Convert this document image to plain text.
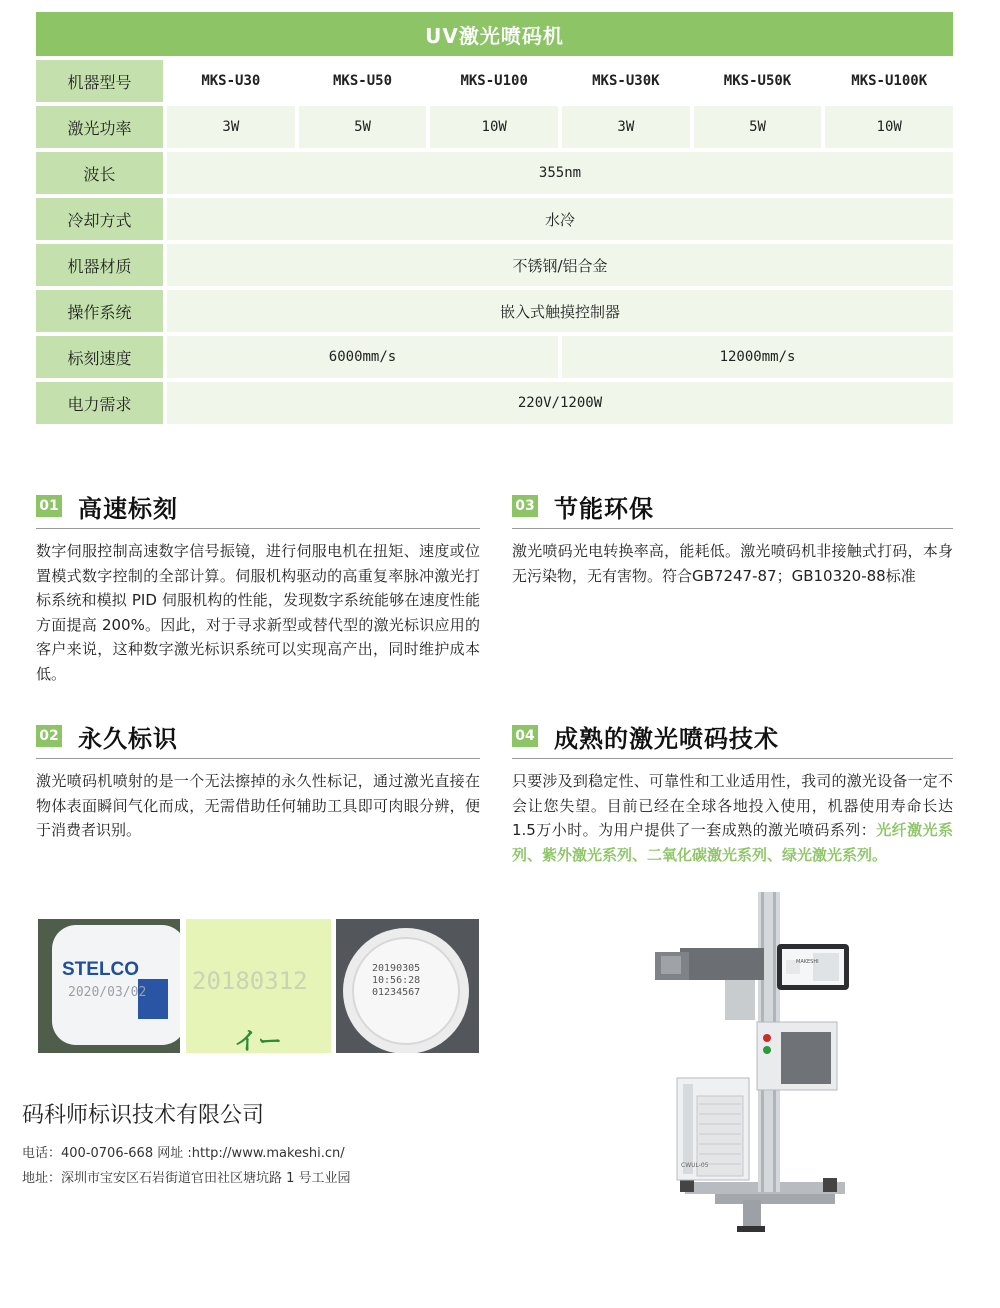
UV激光喷码机
机器型号	MKS-U30	MKS-U50	MKS-U100	MKS-U30K	MKS-U50K	MKS-U100K
激光功率	3W	5W	10W	3W	5W	10W
波长	355nm
冷却方式	水冷
机器材质	不锈钢/铝合金
操作系统	嵌入式触摸控制器
标刻速度	6000mm/s	12000mm/s
电力需求	220V/1200W
01 高速标刻
数字伺服控制高速数字信号振镜，进行伺服电机在扭矩、速度或位置模式数字控制的全部计算。伺服机构驱动的高重复率脉冲激光打标系统和模拟 PID 伺服机构的性能，发现数字系统能够在速度性能方面提高 200%。因此，对于寻求新型或替代型的激光标识应用的客户来说，这种数字激光标识系统可以实现高产出，同时维护成本低。
03 节能环保
激光喷码光电转换率高，能耗低。激光喷码机非接触式打码，本身无污染物，无有害物。符合GB7247-87；GB10320-88标准
02 永久标识
激光喷码机喷射的是一个无法擦掉的永久性标记，通过激光直接在物体表面瞬间气化而成，无需借助任何辅助工具即可肉眼分辨，便于消费者识别。
04 成熟的激光喷码技术
只要涉及到稳定性、可靠性和工业适用性，我司的激光设备一定不会让您失望。目前已经在全球各地投入使用，机器使用寿命长达1.5万小时。为用户提供了一套成熟的激光喷码系列：光纤激光系列、紫外激光系列、二氧化碳激光系列、绿光激光系列。
STELCO
2020/03/02 20180312
イー
20190305
10:56:28
01234567
码科师标识技术有限公司
电话：400-0706-668 网址 :http://www.makeshi.cn/
地址：深圳市宝安区石岩街道官田社区塘坑路 1 号工业园
MAKESHI
CWUL-05
